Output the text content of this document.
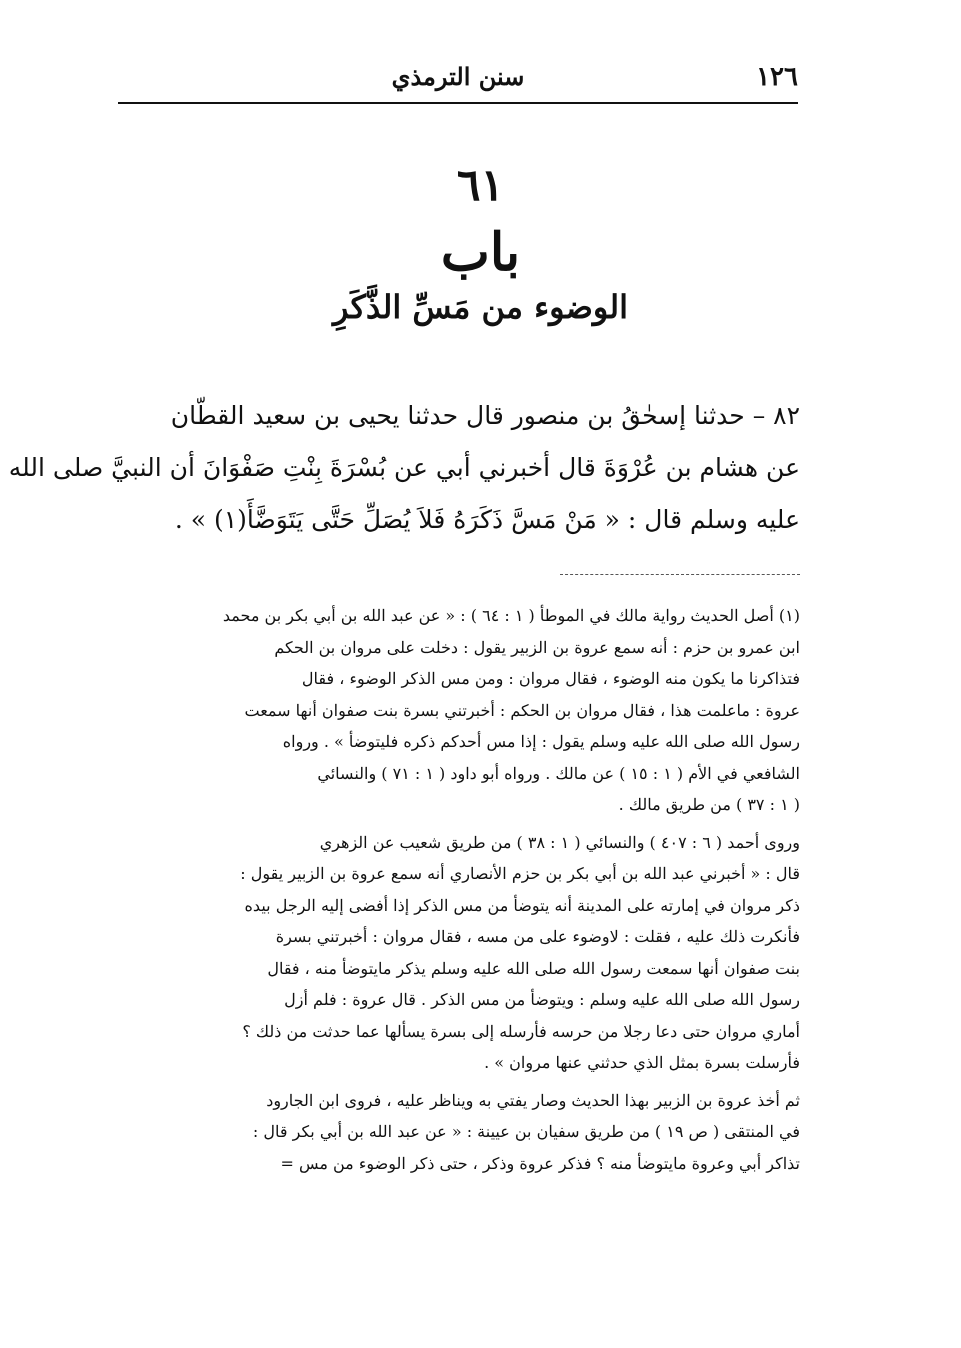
١٢٦
سنن الترمذي
٦١
باب
الوضوء من مَسِّ الذَّكَرِ
٨٢ – حدثنا إسحٰقُ بن منصور قال حدثنا يحيى بن سعيد القطّان
عن هشام بن عُرْوَةَ قال أخبرني أبي عن بُسْرَةَ بِنْتِ صَفْوَانَ أن النبيَّ صلى الله
عليه وسلم قال : « مَنْ مَسَّ ذَكَرَهُ فَلاَ يُصَلِّ حَتَّى يَتَوَضَّأَ(١) » .
(١) أصل الحديث رواية مالك في الموطأ ( ١ : ٦٤ ) : « عن عبد الله بن أبي بكر بن محمد
ابن عمرو بن حزم : أنه سمع عروة بن الزبير يقول : دخلت على مروان بن الحكم
فتذاكرنا ما يكون منه الوضوء ، فقال مروان : ومن مس الذكر الوضوء ، فقال
عروة : ماعلمت هذا ، فقال مروان بن الحكم : أخبرتني بسرة بنت صفوان أنها سمعت
رسول الله صلى الله عليه وسلم يقول : إذا مس أحدكم ذكره فليتوضأ » . ورواه
الشافعي في الأم ( ١ : ١٥ ) عن مالك . ورواه أبو داود ( ١ : ٧١ ) والنسائي
( ١ : ٣٧ ) من طريق مالك .
وروى أحمد ( ٦ : ٤٠٧ ) والنسائي ( ١ : ٣٨ ) من طريق شعيب عن الزهري
قال : « أخبرني عبد الله بن أبي بكر بن حزم الأنصاري أنه سمع عروة بن الزبير يقول :
ذكر مروان في إمارته على المدينة أنه يتوضأ من مس الذكر إذا أفضى إليه الرجل بيده
فأنكرت ذلك عليه ، فقلت : لاوضوء على من مسه ، فقال مروان : أخبرتني بسرة
بنت صفوان أنها سمعت رسول الله صلى الله عليه وسلم يذكر مايتوضأ منه ، فقال
رسول الله صلى الله عليه وسلم : ويتوضأ من مس الذكر . قال عروة : فلم أزل
أماري مروان حتى دعا رجلا من حرسه فأرسله إلى بسرة يسألها عما حدثت من ذلك ؟
فأرسلت بسرة بمثل الذي حدثني عنها مروان » .
ثم أخذ عروة بن الزبير بهذا الحديث وصار يفتي به ويناظر عليه ، فروى ابن الجارود
في المنتقى ( ص ١٩ ) من طريق سفيان بن عيينة : « عن عبد الله بن أبي بكر قال :
تذاكر أبي وعروة مايتوضأ منه ؟ فذكر عروة وذكر ، حتى ذكر الوضوء من مس =
